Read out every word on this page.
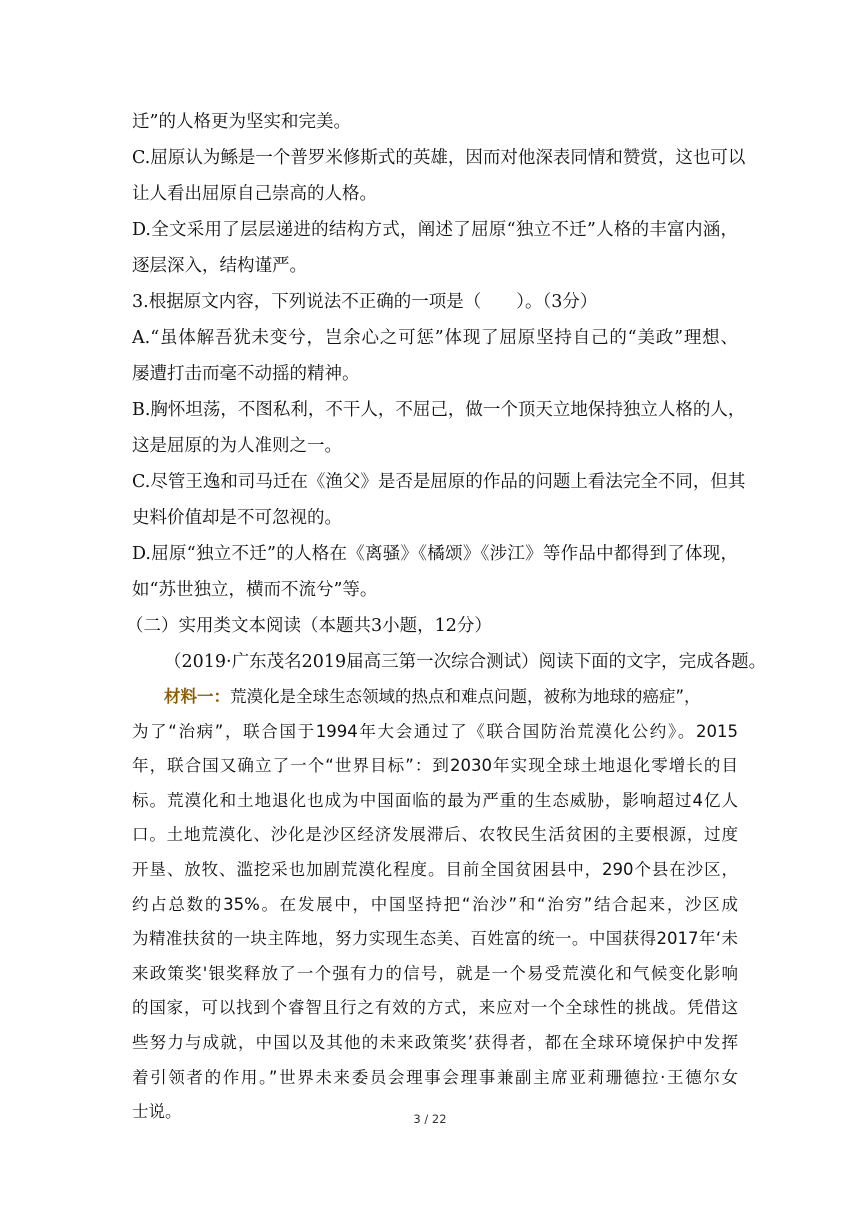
迁”的人格更为坚实和完美。
C.屈原认为鲧是一个普罗米修斯式的英雄，因而对他深表同情和赞赏，这也可以
让人看出屈原自己崇高的人格。
D.全文采用了层层递进的结构方式，阐述了屈原“独立不迁”人格的丰富内涵，
逐层深入，结构谨严。
3.根据原文内容，下列说法不正确的一项是（　　）。（3分）
A.“虽体解吾犹未变兮，岂余心之可惩”体现了屈原坚持自己的“美政”理想、
屡遭打击而毫不动摇的精神。
B.胸怀坦荡，不图私利，不干人，不屈己，做一个顶天立地保持独立人格的人，
这是屈原的为人准则之一。
C.尽管王逸和司马迁在《渔父》是否是屈原的作品的问题上看法完全不同，但其
史料价值却是不可忽视的。
D.屈原“独立不迁”的人格在《离骚》《橘颂》《涉江》等作品中都得到了体现，
如“苏世独立，横而不流兮”等。
（二）实用类文本阅读（本题共3小题，12分）
（2019·广东茂名2019届高三第一次综合测试）阅读下面的文字，完成各题。
材料一：荒漠化是全球生态领域的热点和难点问题，被称为地球的癌症”，
为了“治病”，联合国于1994年大会通过了《联合国防治荒漠化公约》。2015
年，联合国又确立了一个“世界目标”：到2030年实现全球土地退化零增长的目
标。荒漠化和土地退化也成为中国面临的最为严重的生态威胁，影响超过4亿人
口。土地荒漠化、沙化是沙区经济发展滞后、农牧民生活贫困的主要根源，过度
开垦、放牧、滥挖采也加剧荒漠化程度。目前全国贫困县中，290个县在沙区，
约占总数的35%。在发展中，中国坚持把“治沙”和“治穷”结合起来，沙区成
为精准扶贫的一块主阵地，努力实现生态美、百姓富的统一。中国获得2017年‘未
来政策奖'银奖释放了一个强有力的信号，就是一个易受荒漠化和气候变化影响
的国家，可以找到个睿智且行之有效的方式，来应对一个全球性的挑战。凭借这
些努力与成就，中国以及其他的未来政策奖’获得者，都在全球环境保护中发挥
着引领者的作用。”世界未来委员会理事会理事兼副主席亚莉珊德拉·王德尔女
士说。	3 / 22
